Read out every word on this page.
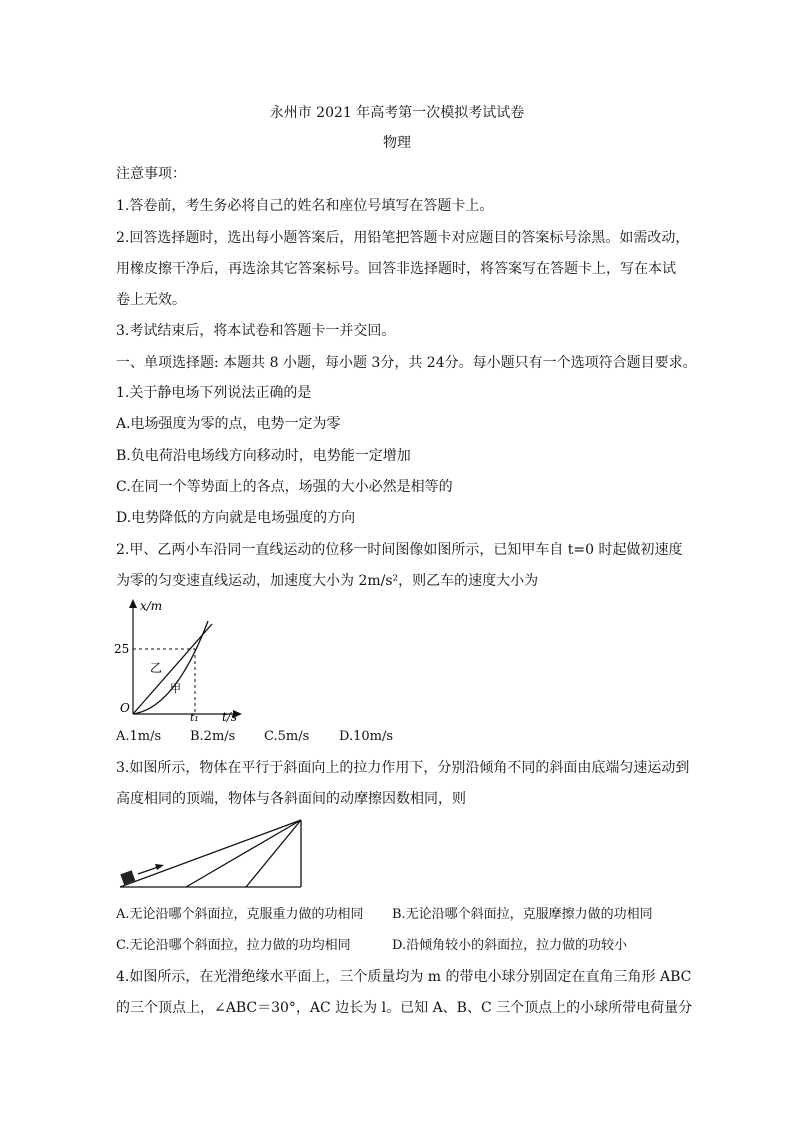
永州市 2021 年高考第一次模拟考试试卷
物理
注意事项：
1.答卷前，考生务必将自己的姓名和座位号填写在答题卡上。
2.回答选择题时，选出每小题答案后，用铅笔把答题卡对应题目的答案标号涂黑。如需改动，
用橡皮擦干净后，再选涂其它答案标号。回答非选择题时，将答案写在答题卡上，写在本试
卷上无效。
3.考试结束后，将本试卷和答题卡一并交回。
一、单项选择题: 本题共 8 小题，每小题 3分，共 24分。每小题只有一个选项符合题目要求。
1.关于静电场下列说法正确的是
A.电场强度为零的点，电势一定为零
B.负电荷沿电场线方向移动时，电势能一定增加
C.在同一个等势面上的各点，场强的大小必然是相等的
D.电势降低的方向就是电场强度的方向
2.甲、乙两小车沿同一直线运动的位移一时间图像如图所示，已知甲车自 t=0 时起做初速度
为零的匀变速直线运动，加速度大小为 2m/s²，则乙车的速度大小为
x/m
25
O
t₁ t/s
乙
甲
A.1m/s B.2m/s C.5m/s D.10m/s
3.如图所示，物体在平行于斜面向上的拉力作用下，分别沿倾角不同的斜面由底端匀速运动到
高度相同的顶端，物体与各斜面间的动摩擦因数相同，则
A.无论沿哪个斜面拉，克服重力做的功相同 B.无论沿哪个斜面拉，克服摩擦力做的功相同
C.无论沿哪个斜面拉，拉力做的功均相同	D.沿倾角较小的斜面拉，拉力做的功较小
4.如图所示，在光滑绝缘水平面上，三个质量均为 m 的带电小球分别固定在直角三角形 ABC
的三个顶点上，∠ABC＝30°，AC 边长为 l。已知 A、B、C 三个顶点上的小球所带电荷量分
